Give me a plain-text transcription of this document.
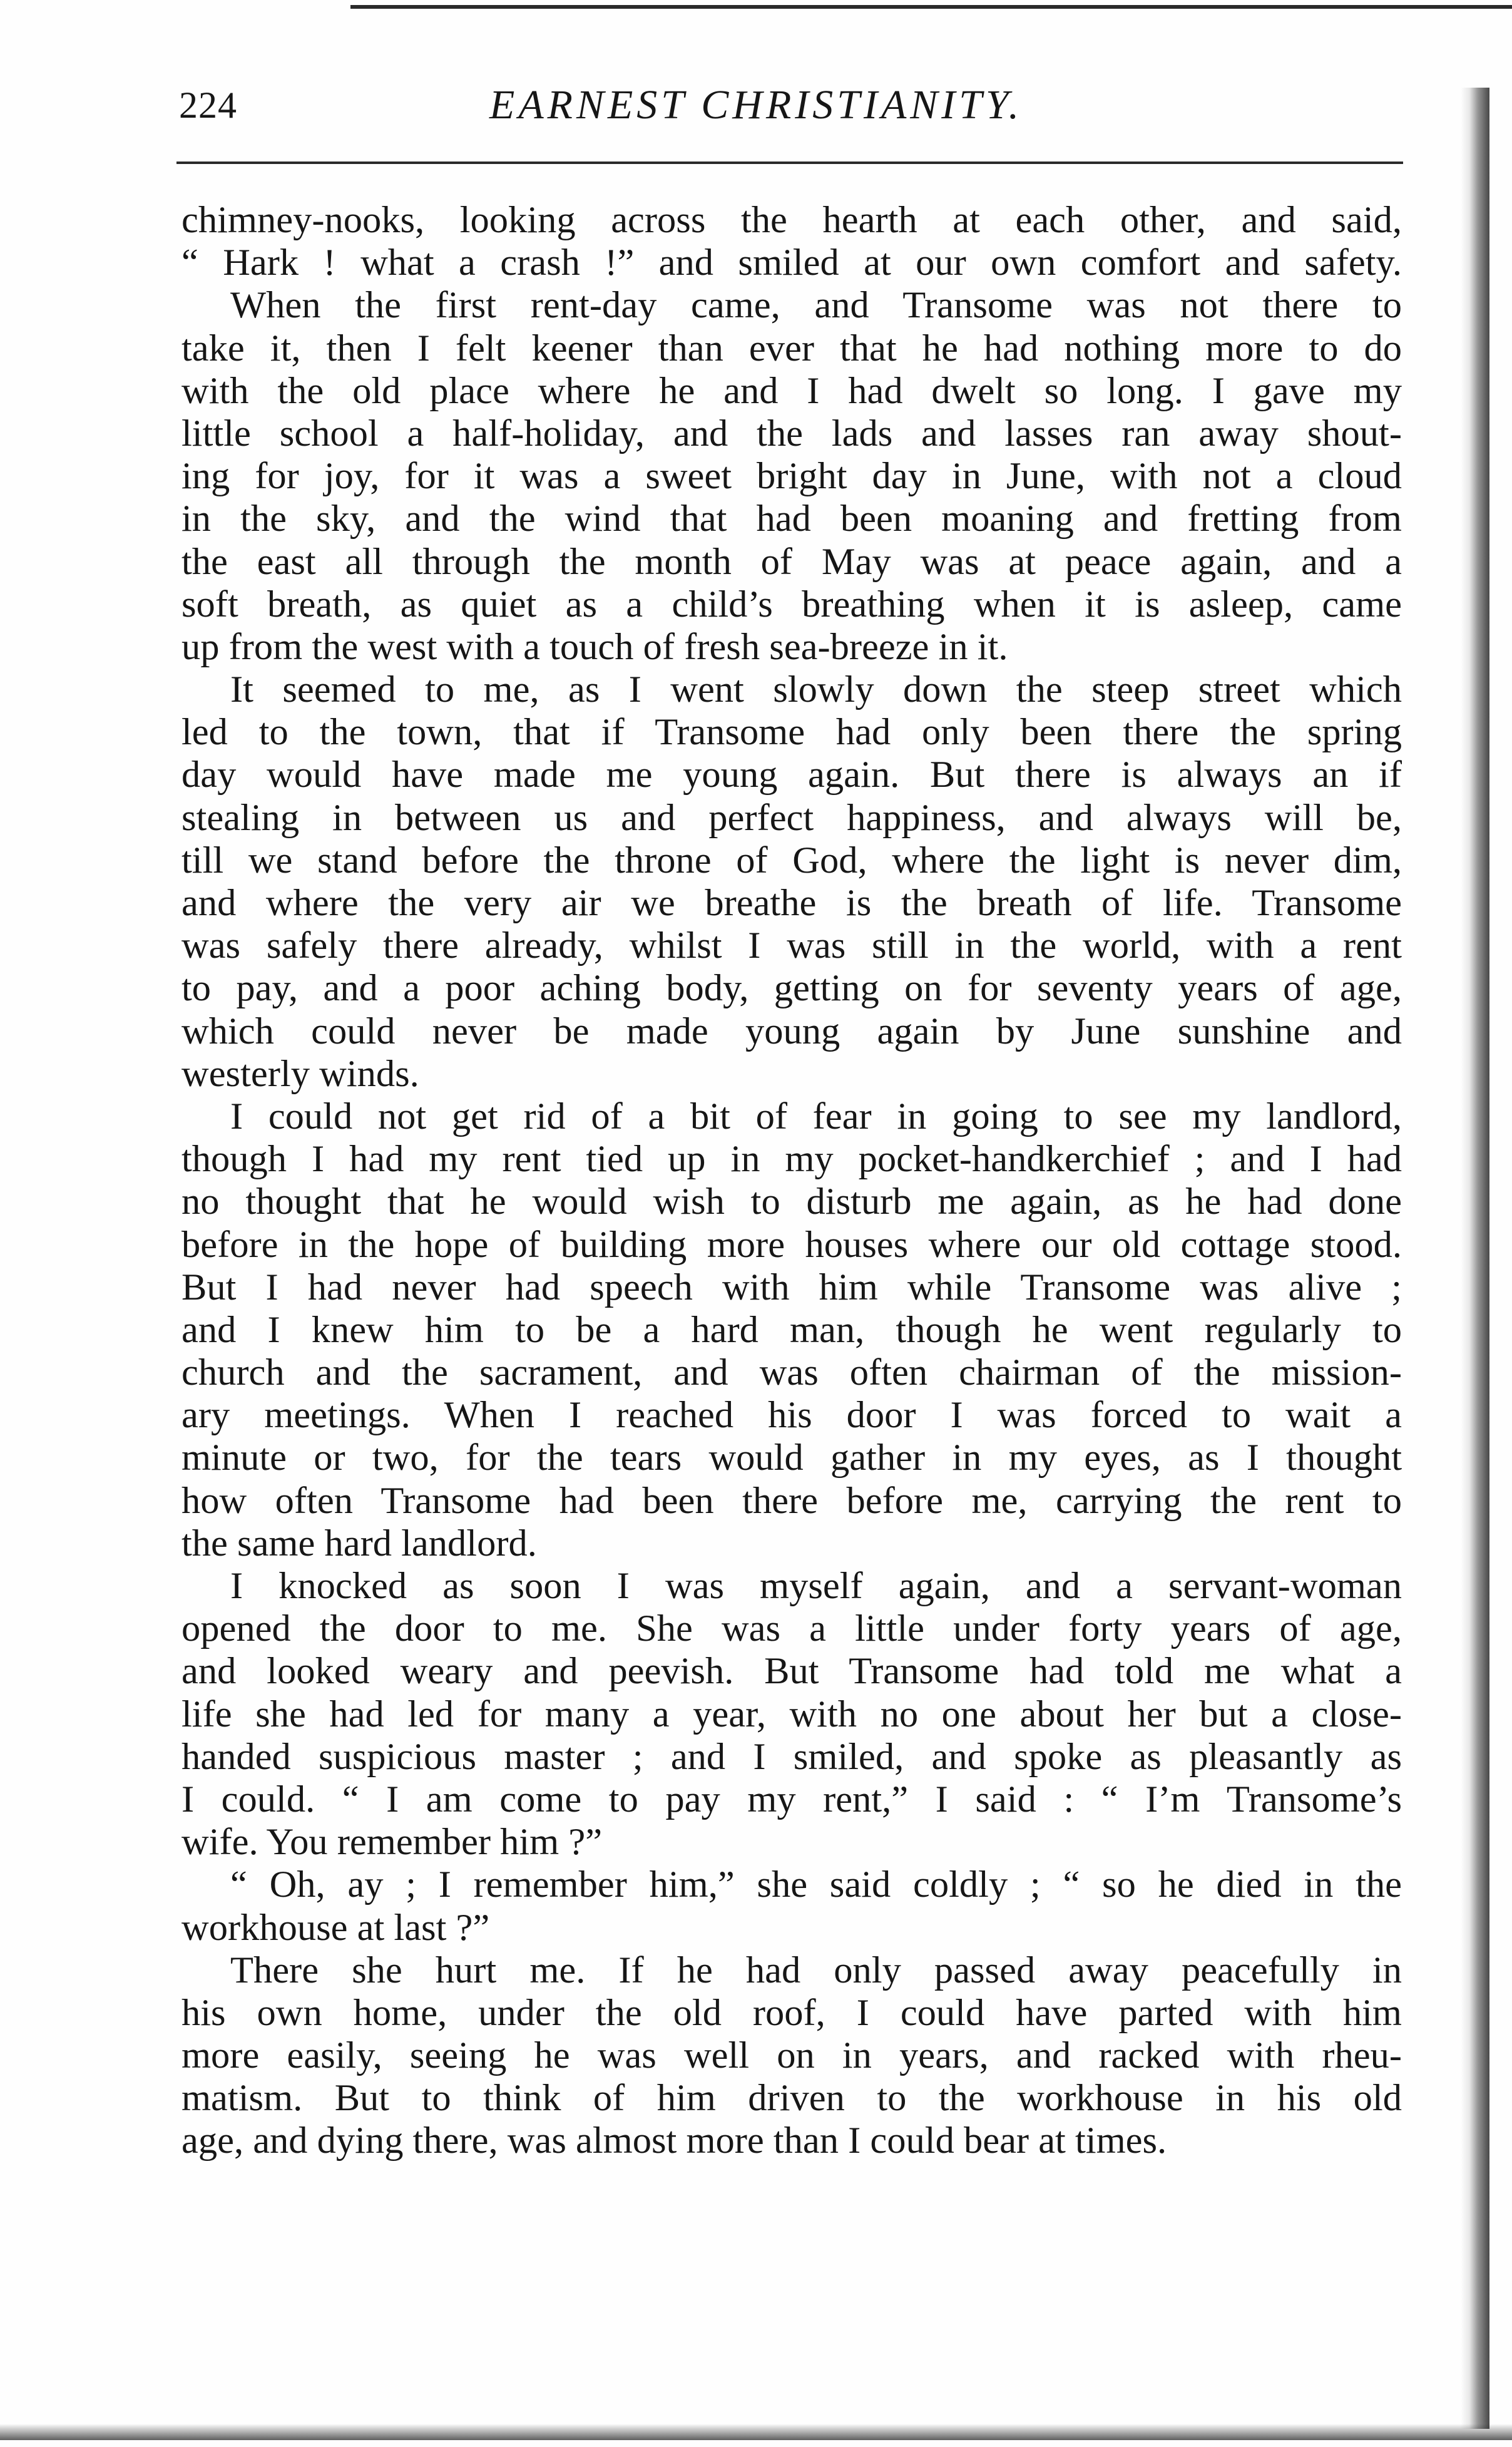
224	EARNEST CHRISTIANITY.
chimney-nooks, looking across the hearth at each other, and said,
“ Hark ! what a crash !” and smiled at our own comfort and safety.
When the first rent-day came, and Transome was not there to
take it, then I felt keener than ever that he had nothing more to do
with the old place where he and I had dwelt so long. I gave my
little school a half-holiday, and the lads and lasses ran away shout-
ing for joy, for it was a sweet bright day in June, with not a cloud
in the sky, and the wind that had been moaning and fretting from
the east all through the month of May was at peace again, and a
soft breath, as quiet as a child’s breathing when it is asleep, came
up from the west with a touch of fresh sea-breeze in it.
It seemed to me, as I went slowly down the steep street which
led to the town, that if Transome had only been there the spring
day would have made me young again. But there is always an if
stealing in between us and perfect happiness, and always will be,
till we stand before the throne of God, where the light is never dim,
and where the very air we breathe is the breath of life. Transome
was safely there already, whilst I was still in the world, with a rent
to pay, and a poor aching body, getting on for seventy years of age,
which could never be made young again by June sunshine and
westerly winds.
I could not get rid of a bit of fear in going to see my landlord,
though I had my rent tied up in my pocket-handkerchief ; and I had
no thought that he would wish to disturb me again, as he had done
before in the hope of building more houses where our old cottage stood.
But I had never had speech with him while Transome was alive ;
and I knew him to be a hard man, though he went regularly to
church and the sacrament, and was often chairman of the mission-
ary meetings. When I reached his door I was forced to wait a
minute or two, for the tears would gather in my eyes, as I thought
how often Transome had been there before me, carrying the rent to
the same hard landlord.
I knocked as soon I was myself again, and a servant-woman
opened the door to me. She was a little under forty years of age,
and looked weary and peevish. But Transome had told me what a
life she had led for many a year, with no one about her but a close-
handed suspicious master ; and I smiled, and spoke as pleasantly as
I could. “ I am come to pay my rent,” I said : “ I’m Transome’s
wife. You remember him ?”
“ Oh, ay ; I remember him,” she said coldly ; “ so he died in the
workhouse at last ?”
There she hurt me. If he had only passed away peacefully in
his own home, under the old roof, I could have parted with him
more easily, seeing he was well on in years, and racked with rheu-
matism. But to think of him driven to the workhouse in his old
age, and dying there, was almost more than I could bear at times.
